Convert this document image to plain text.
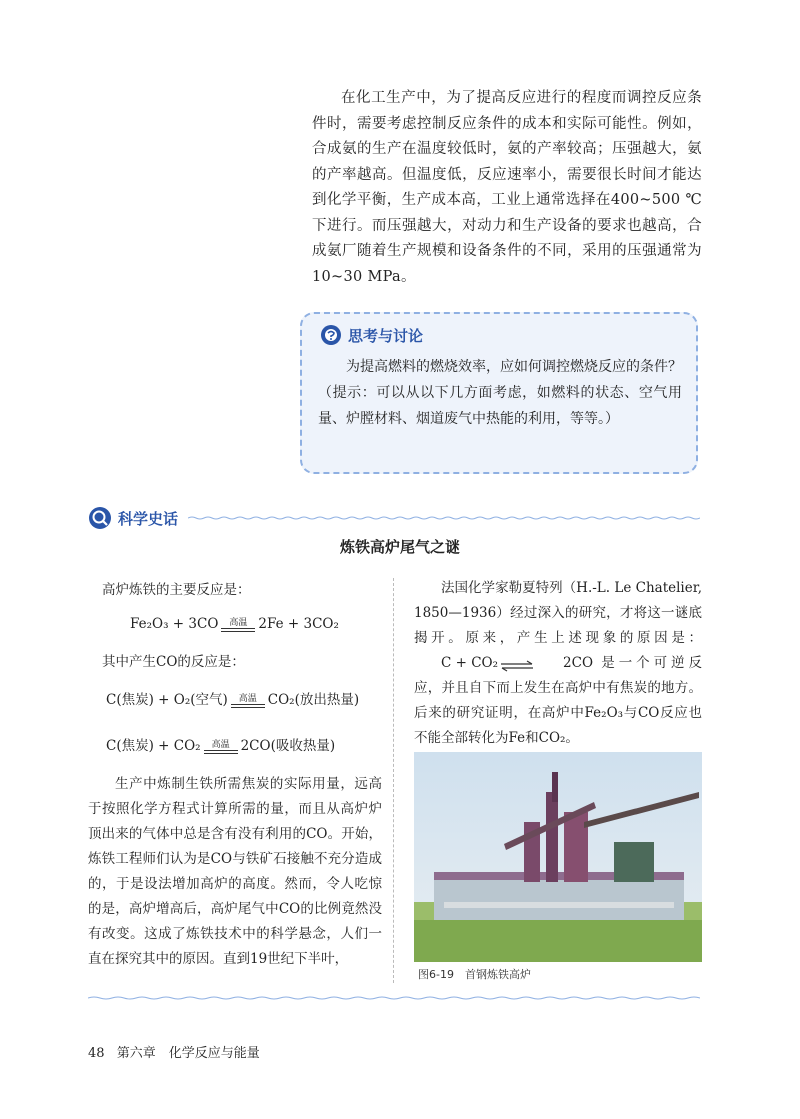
在化工生产中，为了提高反应进行的程度而调控反应条件时，需要考虑控制反应条件的成本和实际可能性。例如，合成氨的生产在温度较低时，氨的产率较高；压强越大，氨的产率越高。但温度低，反应速率小，需要很长时间才能达到化学平衡，生产成本高，工业上通常选择在400~500 ℃下进行。而压强越大，对动力和生产设备的要求也越高，合成氨厂随着生产规模和设备条件的不同，采用的压强通常为10~30 MPa。

思考与讨论

为提高燃料的燃烧效率，应如何调控燃烧反应的条件？（提示：可以从以下几方面考虑，如燃料的状态、空气用量、炉膛材料、烟道废气中热能的利用，等等。）

科学史话
炼铁高炉尾气之谜

高炉炼铁的主要反应是：

Fe₂O₃ + 3CO 高温 2Fe + 3CO₂

其中产生CO的反应是：

C(焦炭) + O₂(空气) 高温 CO₂(放出热量)
C(焦炭) + CO₂ 高温 2CO(吸收热量)

生产中炼制生铁所需焦炭的实际用量，远高于按照化学方程式计算所需的量，而且从高炉炉顶出来的气体中总是含有没有利用的CO。开始，炼铁工程师们认为是CO与铁矿石接触不充分造成的，于是设法增加高炉的高度。然而，令人吃惊的是，高炉增高后，高炉尾气中CO的比例竟然没有改变。这成了炼铁技术中的科学悬念，人们一直在探究其中的原因。直到19世纪下半叶，

法国化学家勒夏特列（H.-L. Le Chatelier, 1850—1936）经过深入的研究，才将这一谜底揭开。原来，产生上述现象的原因是：
C + CO₂ ⇌	2CO 是一个可逆反应，并且自下而上发生在高炉中有焦炭的地方。后来的研究证明，在高炉中Fe₂O₃与CO反应也不能全部转化为Fe和CO₂。

图6-19　首钢炼铁高炉
48 第六章　化学反应与能量
